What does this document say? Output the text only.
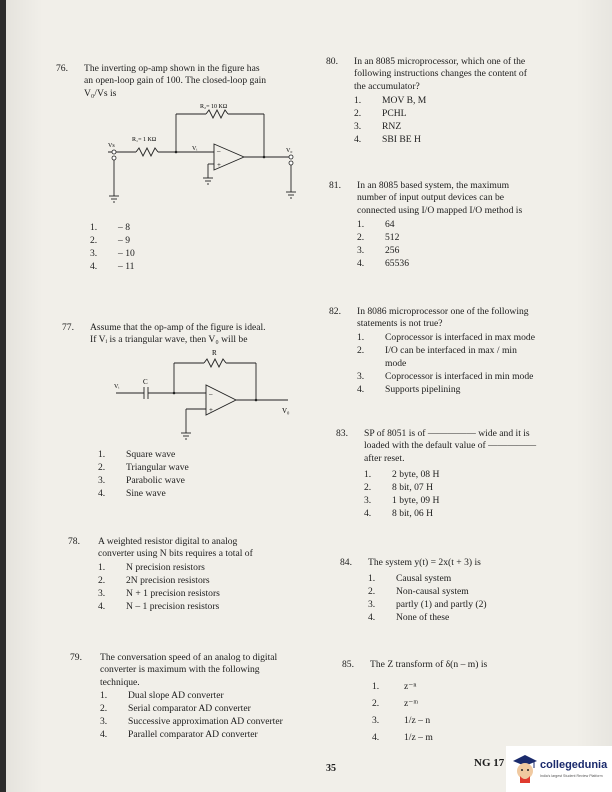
76. The inverting op-amp shown in the figure has
an open-loop gain of 100. The closed-loop gain
V₀/Vs is
R₂= 10 KΩ
R₁= 1 KΩ
Vs	Vᵢ	V₀
–
+
1. – 8
2. – 9
3. – 10
4. – 11
77. Assume that the op-amp of the figure is ideal.
If Vᵢ is a triangular wave, then V₀ will be
R
C
Vᵢ
V₀
–
+
1. Square wave
2. Triangular wave
3. Parabolic wave
4. Sine wave
78. A weighted resistor digital to analog
converter using N bits requires a total of
1. N precision resistors
2. 2N precision resistors
3. N + 1 precision resistors
4. N – 1 precision resistors
79. The conversation speed of an analog to digital
converter is maximum with the following
technique.
1. Dual slope AD converter
2. Serial comparator AD converter
3. Successive approximation AD converter
4. Parallel comparator AD converter
80. In an 8085 microprocessor, which one of the
following instructions changes the content of
the accumulator?
1. MOV B, M
2. PCHL
3. RNZ
4. SBI BE H
81. In an 8085 based system, the maximum
number of input output devices can be
connected using I/O mapped I/O method is
1. 64
2. 512
3. 256
4. 65536
82. In 8086 microprocessor one of the following
statements is not true?
1. Coprocessor is interfaced in max mode
2. I/O can be interfaced in max / min
mode
3. Coprocessor is interfaced in min mode
4. Supports pipelining
83. SP of 8051 is of ————— wide and it is
loaded with the default value of —————
after reset.
1. 2 byte, 08 H
2. 8 bit, 07 H
3. 1 byte, 09 H
4. 8 bit, 06 H
84. The system y(t) = 2x(t + 3) is
1. Causal system
2. Non-causal system
3. partly (1) and partly (2)
4. None of these
85. The Z transform of δ(n – m) is
1.	z⁻ⁿ
2.	z⁻ᵐ
3.	1/z – n
4.	1/z – m
35	NG 17	collegedunia
India's largest Student Review Platform
